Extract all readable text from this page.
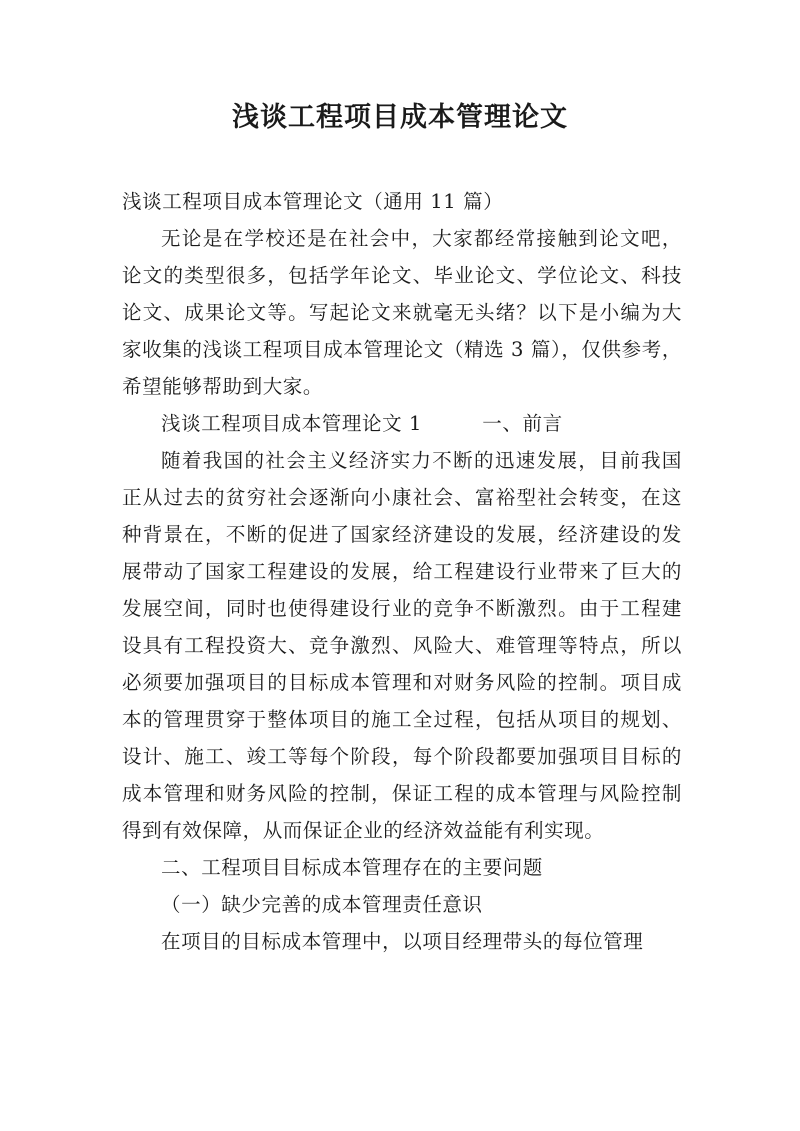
浅谈工程项目成本管理论文

浅谈工程项目成本管理论文（通用 11 篇）

无论是在学校还是在社会中，大家都经常接触到论文吧，论文的类型很多，包括学年论文、毕业论文、学位论文、科技论文、成果论文等。写起论文来就毫无头绪？以下是小编为大家收集的浅谈工程项目成本管理论文（精选 3 篇），仅供参考，希望能够帮助到大家。

浅谈工程项目成本管理论文 1　　　一、前言

随着我国的社会主义经济实力不断的迅速发展，目前我国正从过去的贫穷社会逐渐向小康社会、富裕型社会转变，在这种背景在，不断的促进了国家经济建设的发展，经济建设的发展带动了国家工程建设的发展，给工程建设行业带来了巨大的发展空间，同时也使得建设行业的竞争不断激烈。由于工程建设具有工程投资大、竞争激烈、风险大、难管理等特点，所以必须要加强项目的目标成本管理和对财务风险的控制。项目成本的管理贯穿于整体项目的施工全过程，包括从项目的规划、设计、施工、竣工等每个阶段，每个阶段都要加强项目目标的成本管理和财务风险的控制，保证工程的成本管理与风险控制得到有效保障，从而保证企业的经济效益能有利实现。

二、工程项目目标成本管理存在的主要问题

（一）缺少完善的成本管理责任意识

在项目的目标成本管理中，以项目经理带头的每位管理
